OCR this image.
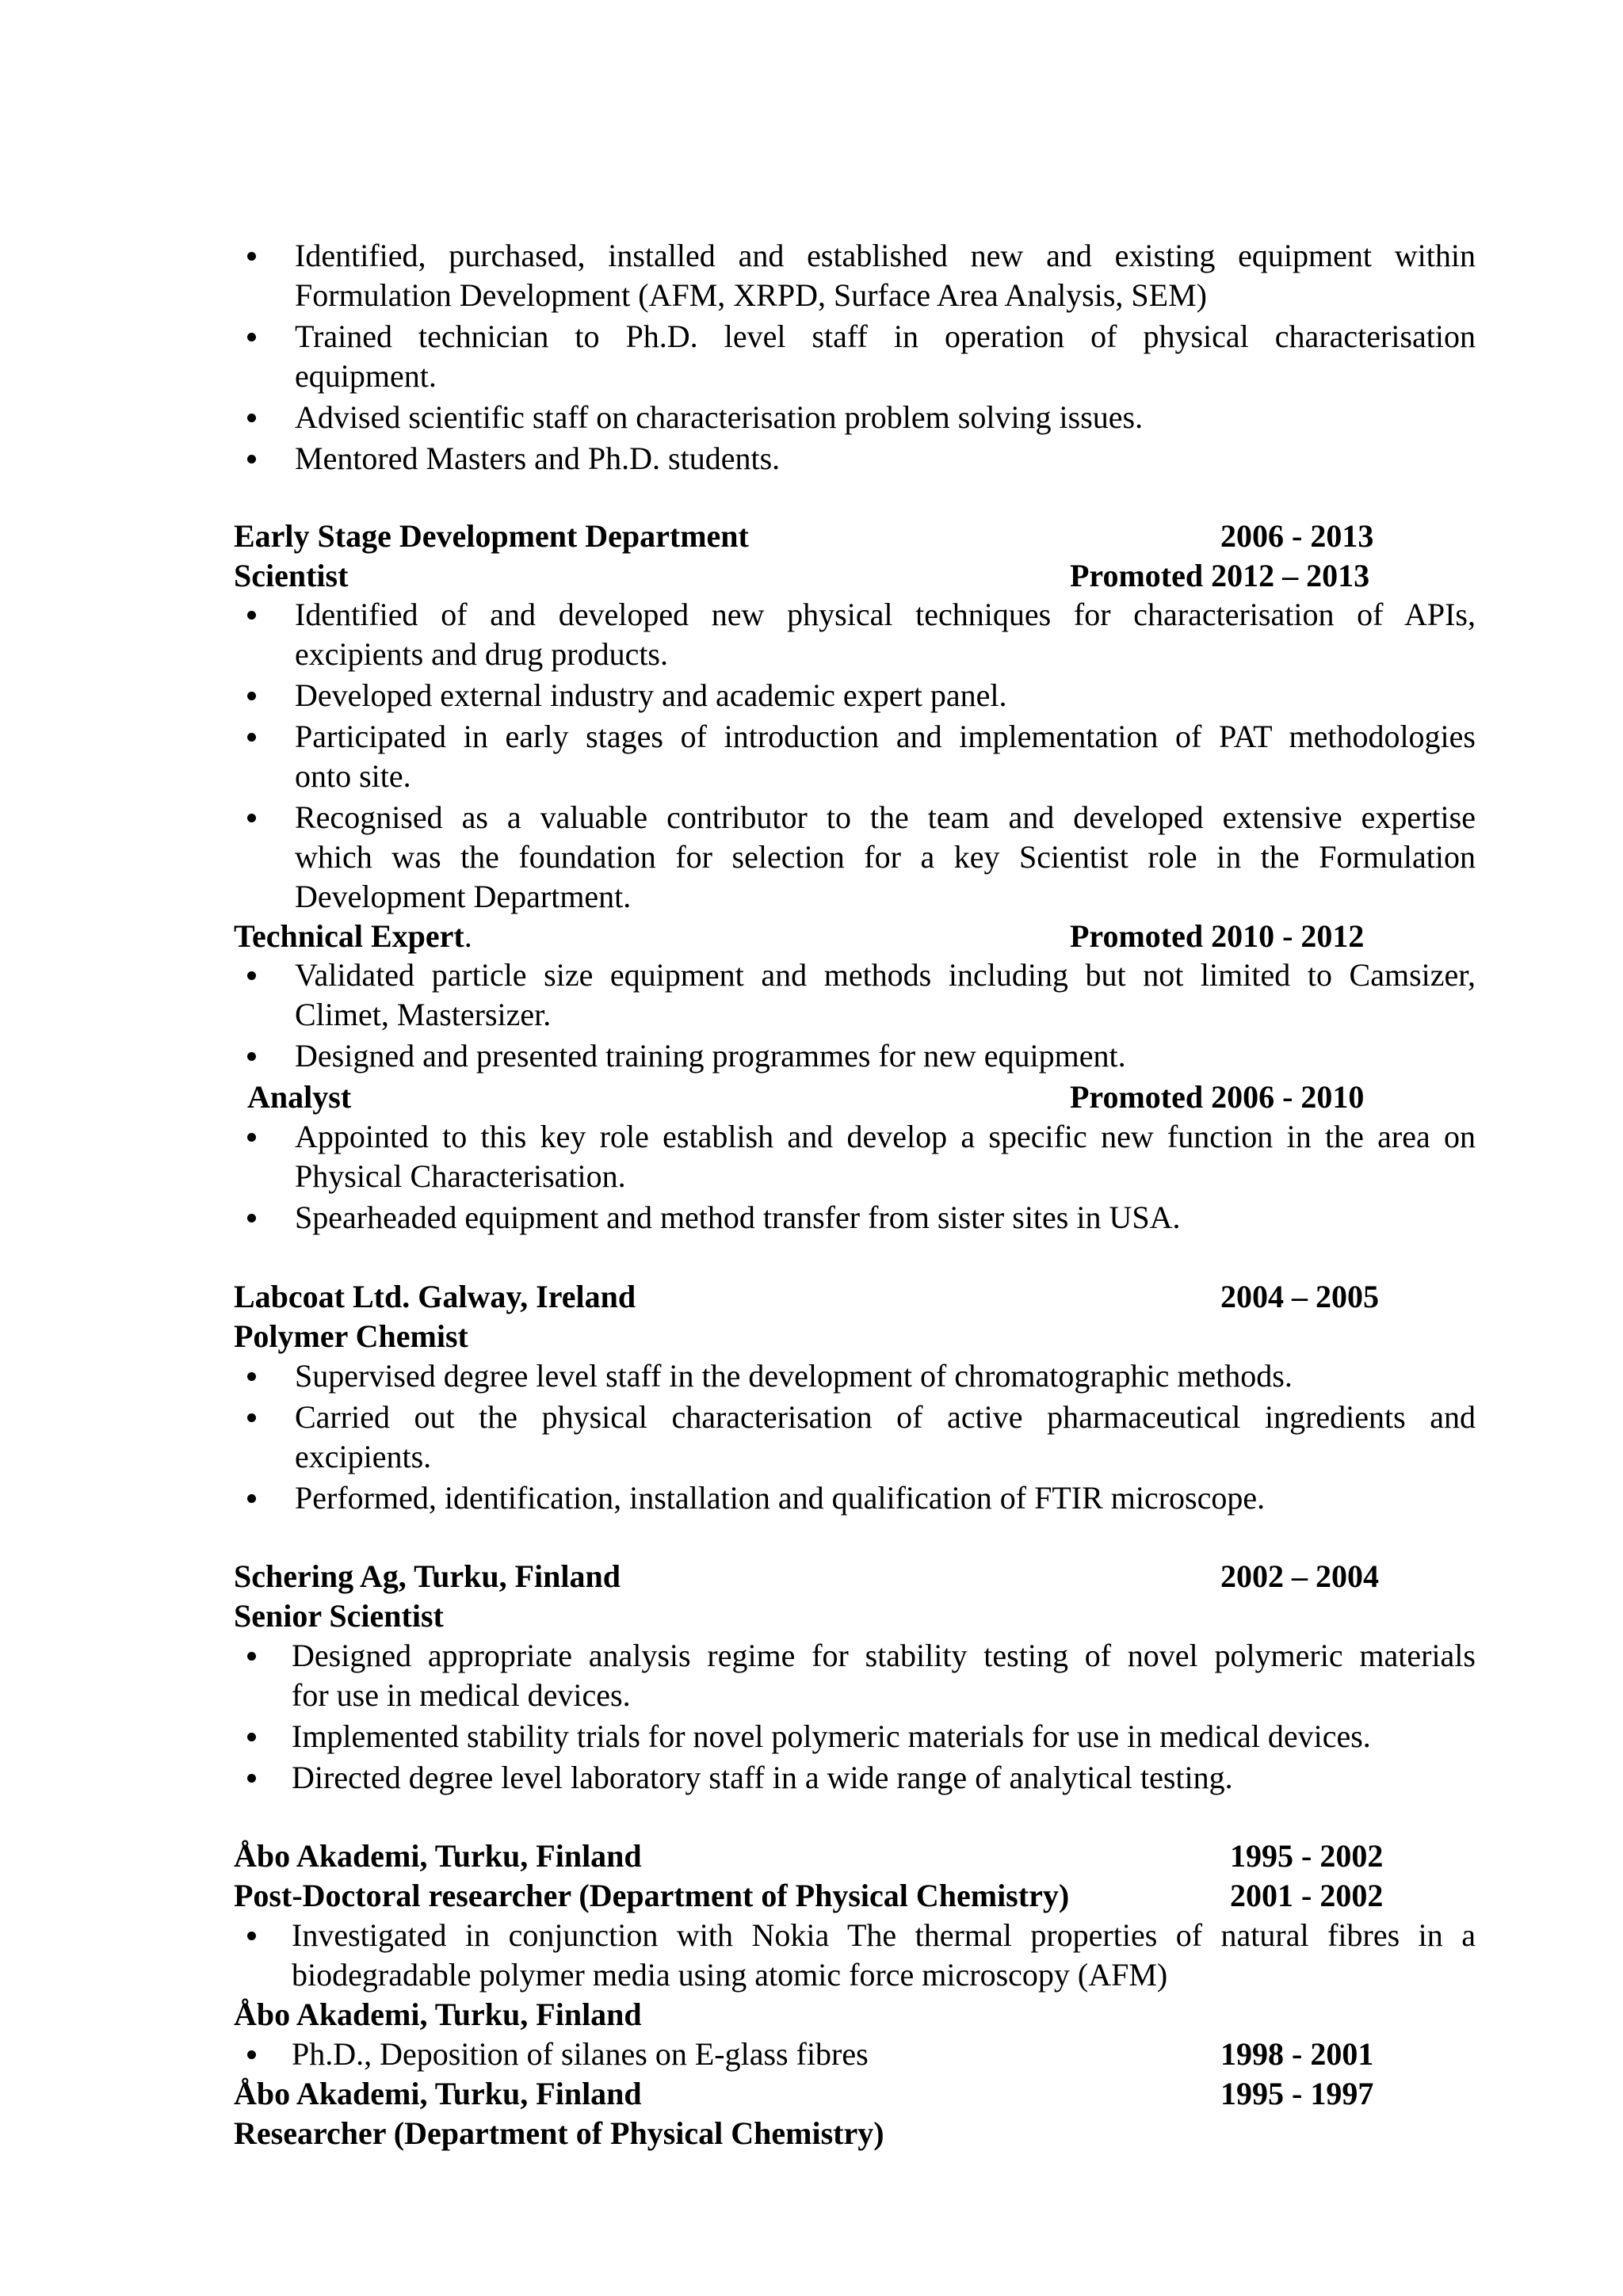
Identified, purchased, installed and established new and existing equipment within
Formulation Development (AFM, XRPD, Surface Area Analysis, SEM)
Trained technician to Ph.D. level staff in operation of physical characterisation
equipment.
Advised scientific staff on characterisation problem solving issues.
Mentored Masters and Ph.D. students.
Early Stage Development Department	2006 - 2013
Scientist	Promoted 2012 – 2013
Identified of and developed new physical techniques for characterisation of APIs,
excipients and drug products.
Developed external industry and academic expert panel.
Participated in early stages of introduction and implementation of PAT methodologies
onto site.
Recognised as a valuable contributor to the team and developed extensive expertise
which was the foundation for selection for a key Scientist role in the Formulation
Development Department.
Technical Expert.	Promoted 2010 - 2012
Validated particle size equipment and methods including but not limited to Camsizer,
Climet, Mastersizer.
Designed and presented training programmes for new equipment.
Analyst	Promoted 2006 - 2010
Appointed to this key role establish and develop a specific new function in the area on
Physical Characterisation.
Spearheaded equipment and method transfer from sister sites in USA.
Labcoat Ltd. Galway, Ireland	2004 – 2005
Polymer Chemist
Supervised degree level staff in the development of chromatographic methods.
Carried out the physical characterisation of active pharmaceutical ingredients and
excipients.
Performed, identification, installation and qualification of FTIR microscope.
Schering Ag, Turku, Finland	2002 – 2004
Senior Scientist
Designed appropriate analysis regime for stability testing of novel polymeric materials
for use in medical devices.
Implemented stability trials for novel polymeric materials for use in medical devices.
Directed degree level laboratory staff in a wide range of analytical testing.
Åbo Akademi, Turku, Finland	1995 - 2002
Post-Doctoral researcher (Department of Physical Chemistry)	2001 - 2002
Investigated in conjunction with Nokia The thermal properties of natural fibres in a
biodegradable polymer media using atomic force microscopy (AFM)
Åbo Akademi, Turku, Finland
Ph.D., Deposition of silanes on E-glass fibres	1998 - 2001
Åbo Akademi, Turku, Finland	1995 - 1997
Researcher (Department of Physical Chemistry)
